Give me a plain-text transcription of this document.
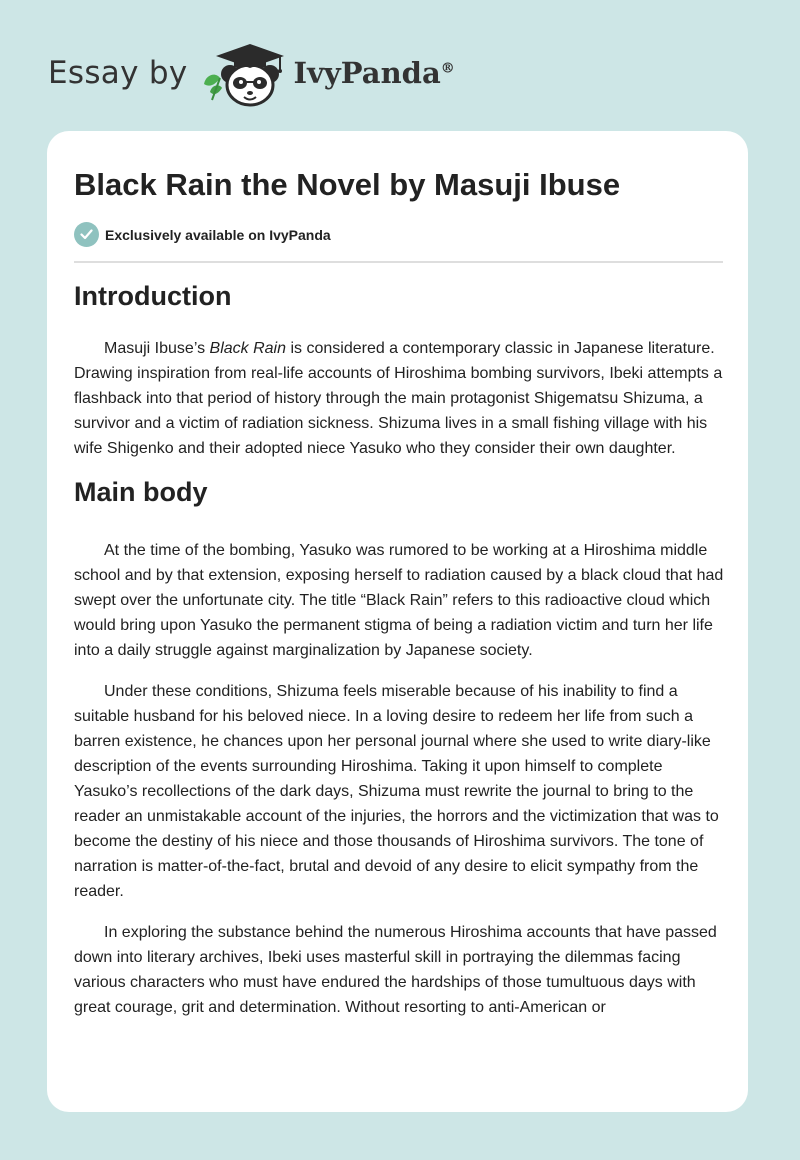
Essay by	IvyPanda®
Black Rain the Novel by Masuji Ibuse
Exclusively available on IvyPanda
Introduction

Masuji Ibuse’s Black Rain is considered a contemporary classic in Japanese literature. Drawing inspiration from real-life accounts of Hiroshima bombing survivors, Ibeki attempts a flashback into that period of history through the main protagonist Shigematsu Shizuma, a survivor and a victim of radiation sickness. Shizuma lives in a small fishing village with his wife Shigenko and their adopted niece Yasuko who they consider their own daughter.

Main body

At the time of the bombing, Yasuko was rumored to be working at a Hiroshima middle school and by that extension, exposing herself to radiation caused by a black cloud that had swept over the unfortunate city. The title “Black Rain” refers to this radioactive cloud which would bring upon Yasuko the permanent stigma of being a radiation victim and turn her life into a daily struggle against marginalization by Japanese society.

Under these conditions, Shizuma feels miserable because of his inability to find a suitable husband for his beloved niece. In a loving desire to redeem her life from such a barren existence, he chances upon her personal journal where she used to write diary-like description of the events surrounding Hiroshima. Taking it upon himself to complete Yasuko’s recollections of the dark days, Shizuma must rewrite the journal to bring to the reader an unmistakable account of the injuries, the horrors and the victimization that was to become the destiny of his niece and those thousands of Hiroshima survivors. The tone of narration is matter-of-the-fact, brutal and devoid of any desire to elicit sympathy from the reader.

In exploring the substance behind the numerous Hiroshima accounts that have passed down into literary archives, Ibeki uses masterful skill in portraying the dilemmas facing various characters who must have endured the hardships of those tumultuous days with great courage, grit and determination. Without resorting to anti-American or
